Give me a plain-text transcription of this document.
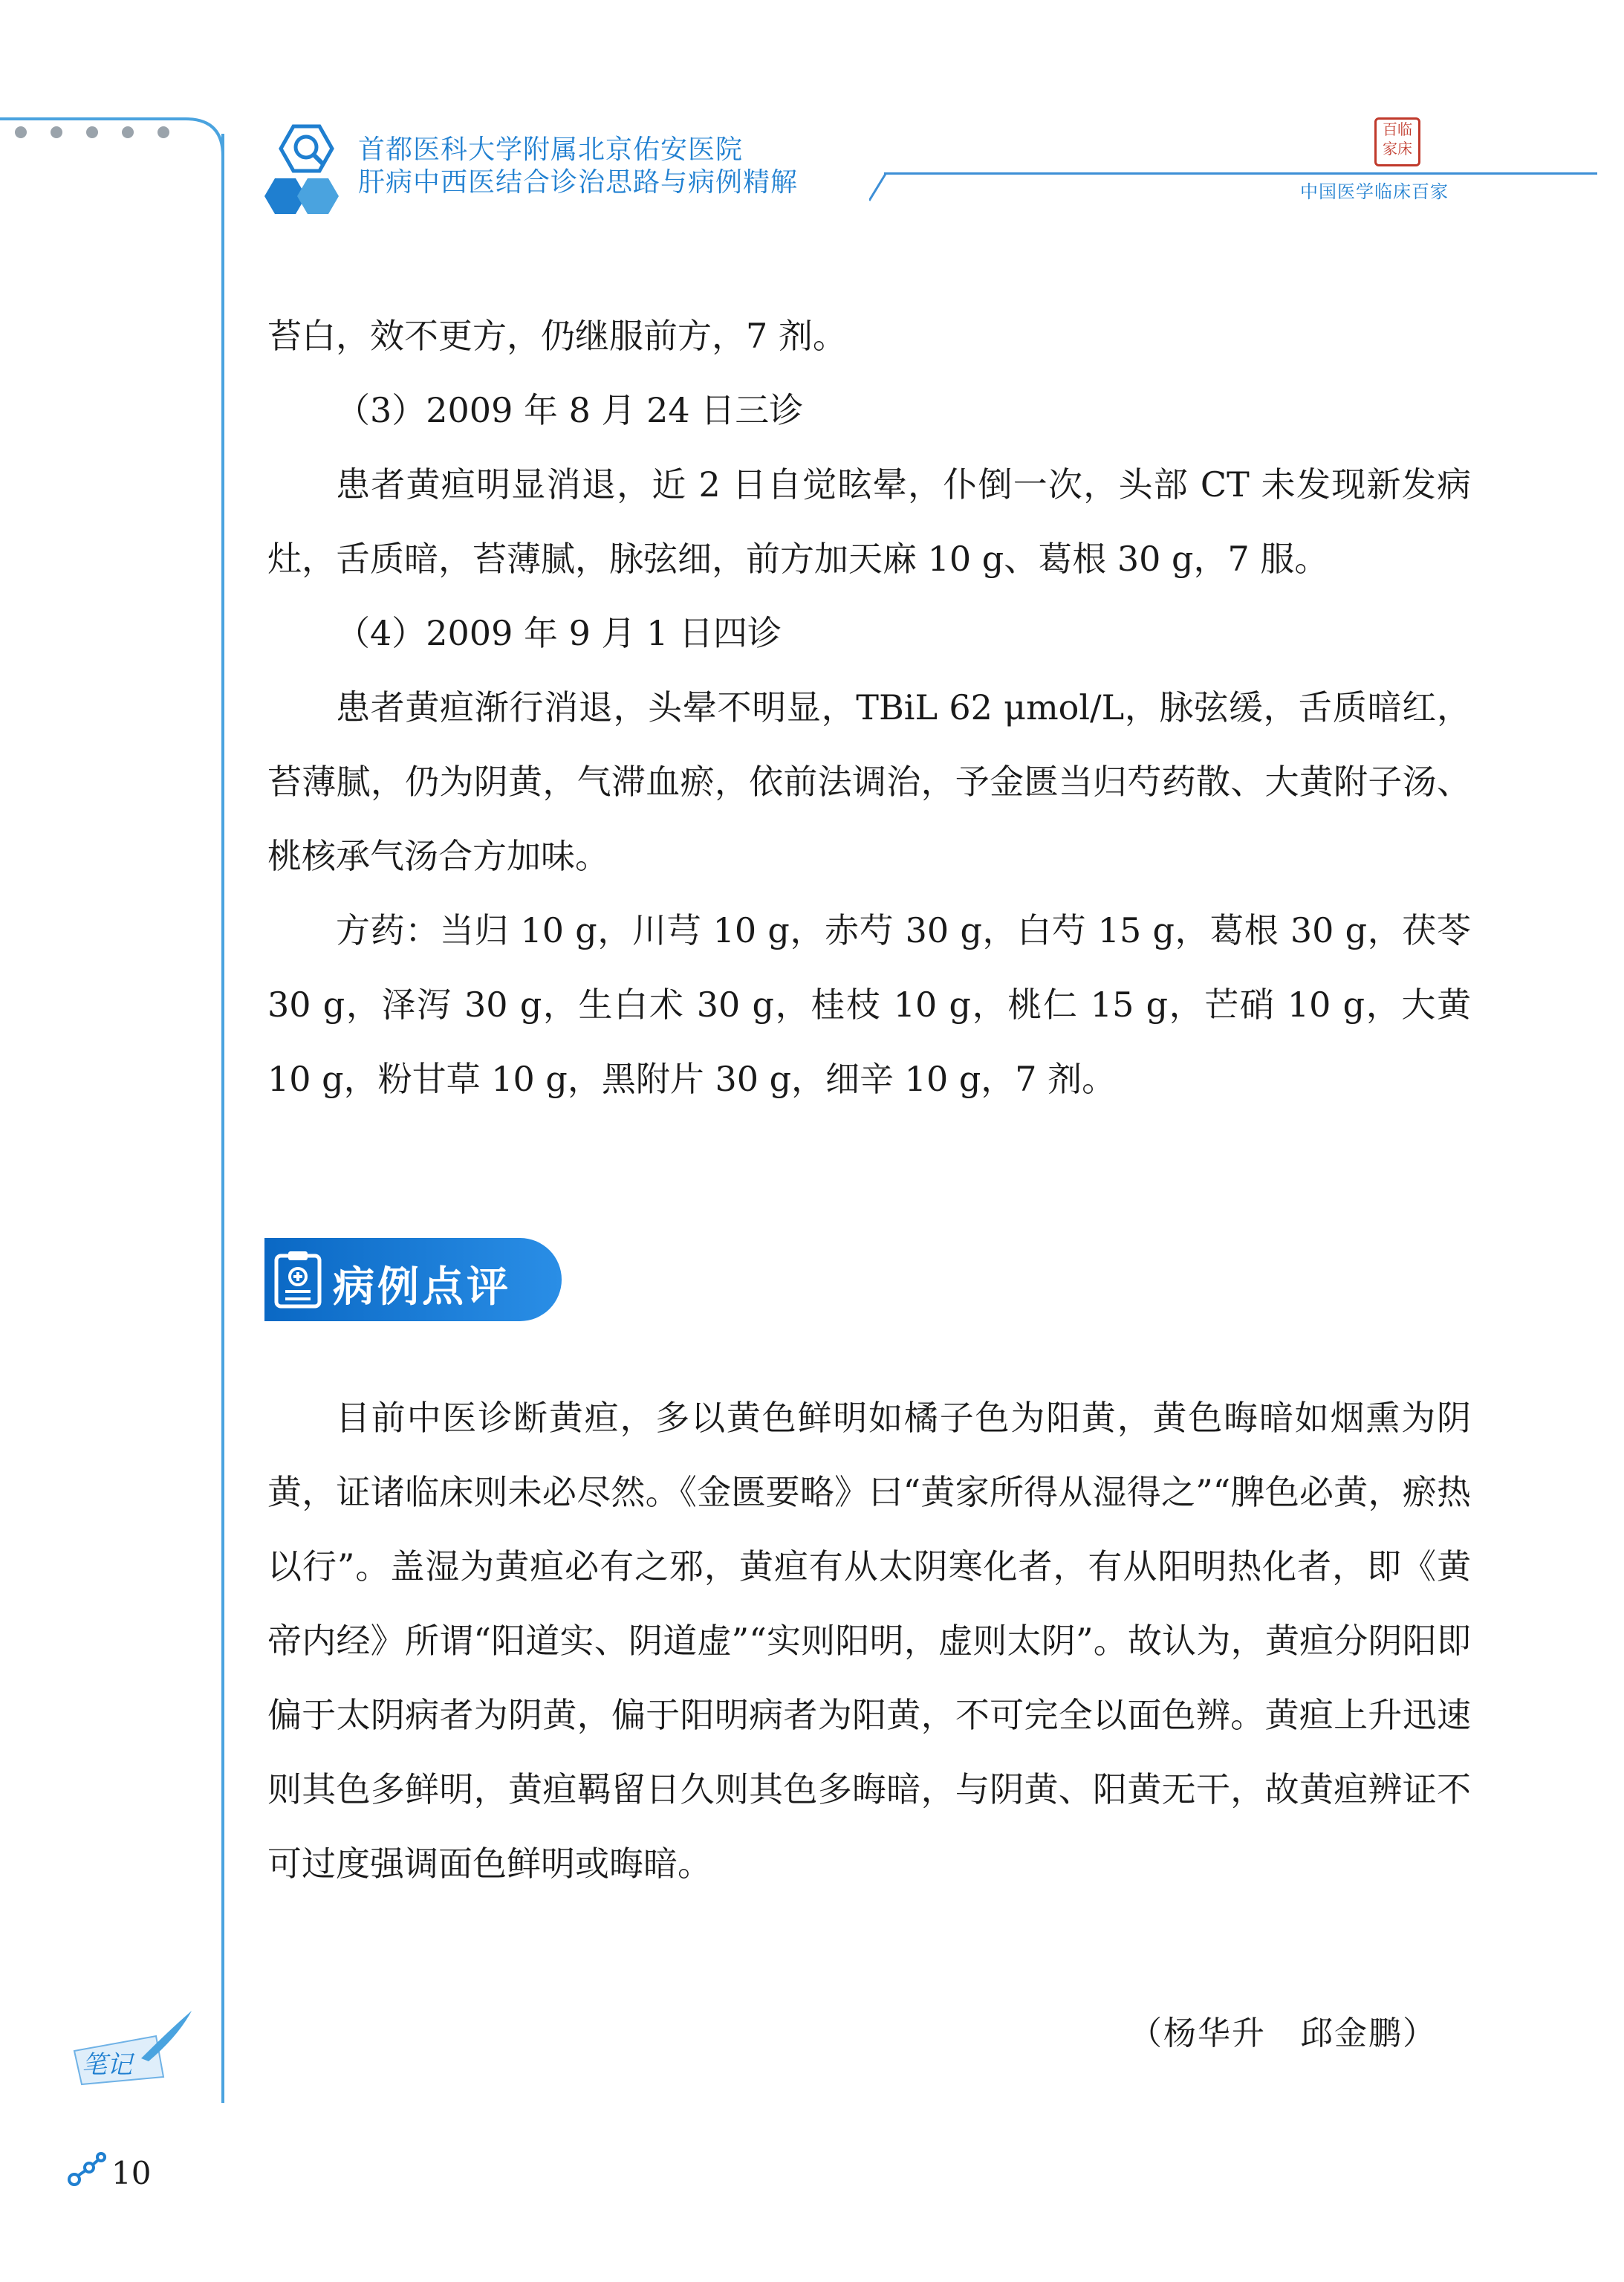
首都医科大学附属北京佑安医院
肝病中西医结合诊治思路与病例精解
百临家床
中国医学临床百家

苔白，效不更方，仍继服前方，7 剂。

（3）2009 年 8 月 24 日三诊

患者黄疸明显消退，近 2 日自觉眩晕，仆倒一次，头部 CT 未发现新发病灶，舌质暗，苔薄腻，脉弦细，前方加天麻 10 g、葛根 30 g，7 服。

（4）2009 年 9 月 1 日四诊

患者黄疸渐行消退，头晕不明显，TBiL 62 μmol/L，脉弦缓，舌质暗红，苔薄腻，仍为阴黄，气滞血瘀，依前法调治，予金匮当归芍药散、大黄附子汤、桃核承气汤合方加味。

方药：当归 10 g，川芎 10 g，赤芍 30 g，白芍 15 g，葛根 30 g，茯苓 30 g，泽泻 30 g，生白术 30 g，桂枝 10 g，桃仁 15 g，芒硝 10 g，大黄 10 g，粉甘草 10 g，黑附片 30 g，细辛 10 g，7 剂。

病例点评

目前中医诊断黄疸，多以黄色鲜明如橘子色为阳黄，黄色晦暗如烟熏为阴黄，证诸临床则未必尽然。《金匮要略》曰“黄家所得从湿得之”“脾色必黄，瘀热以行”。盖湿为黄疸必有之邪，黄疸有从太阴寒化者，有从阳明热化者，即《黄帝内经》所谓“阳道实、阴道虚”“实则阳明，虚则太阴”。故认为，黄疸分阴阳即偏于太阴病者为阴黄，偏于阳明病者为阳黄，不可完全以面色辨。黄疸上升迅速则其色多鲜明，黄疸羁留日久则其色多晦暗，与阴黄、阳黄无干，故黄疸辨证不可过度强调面色鲜明或晦暗。

（杨华升　邱金鹏）
笔记
10
